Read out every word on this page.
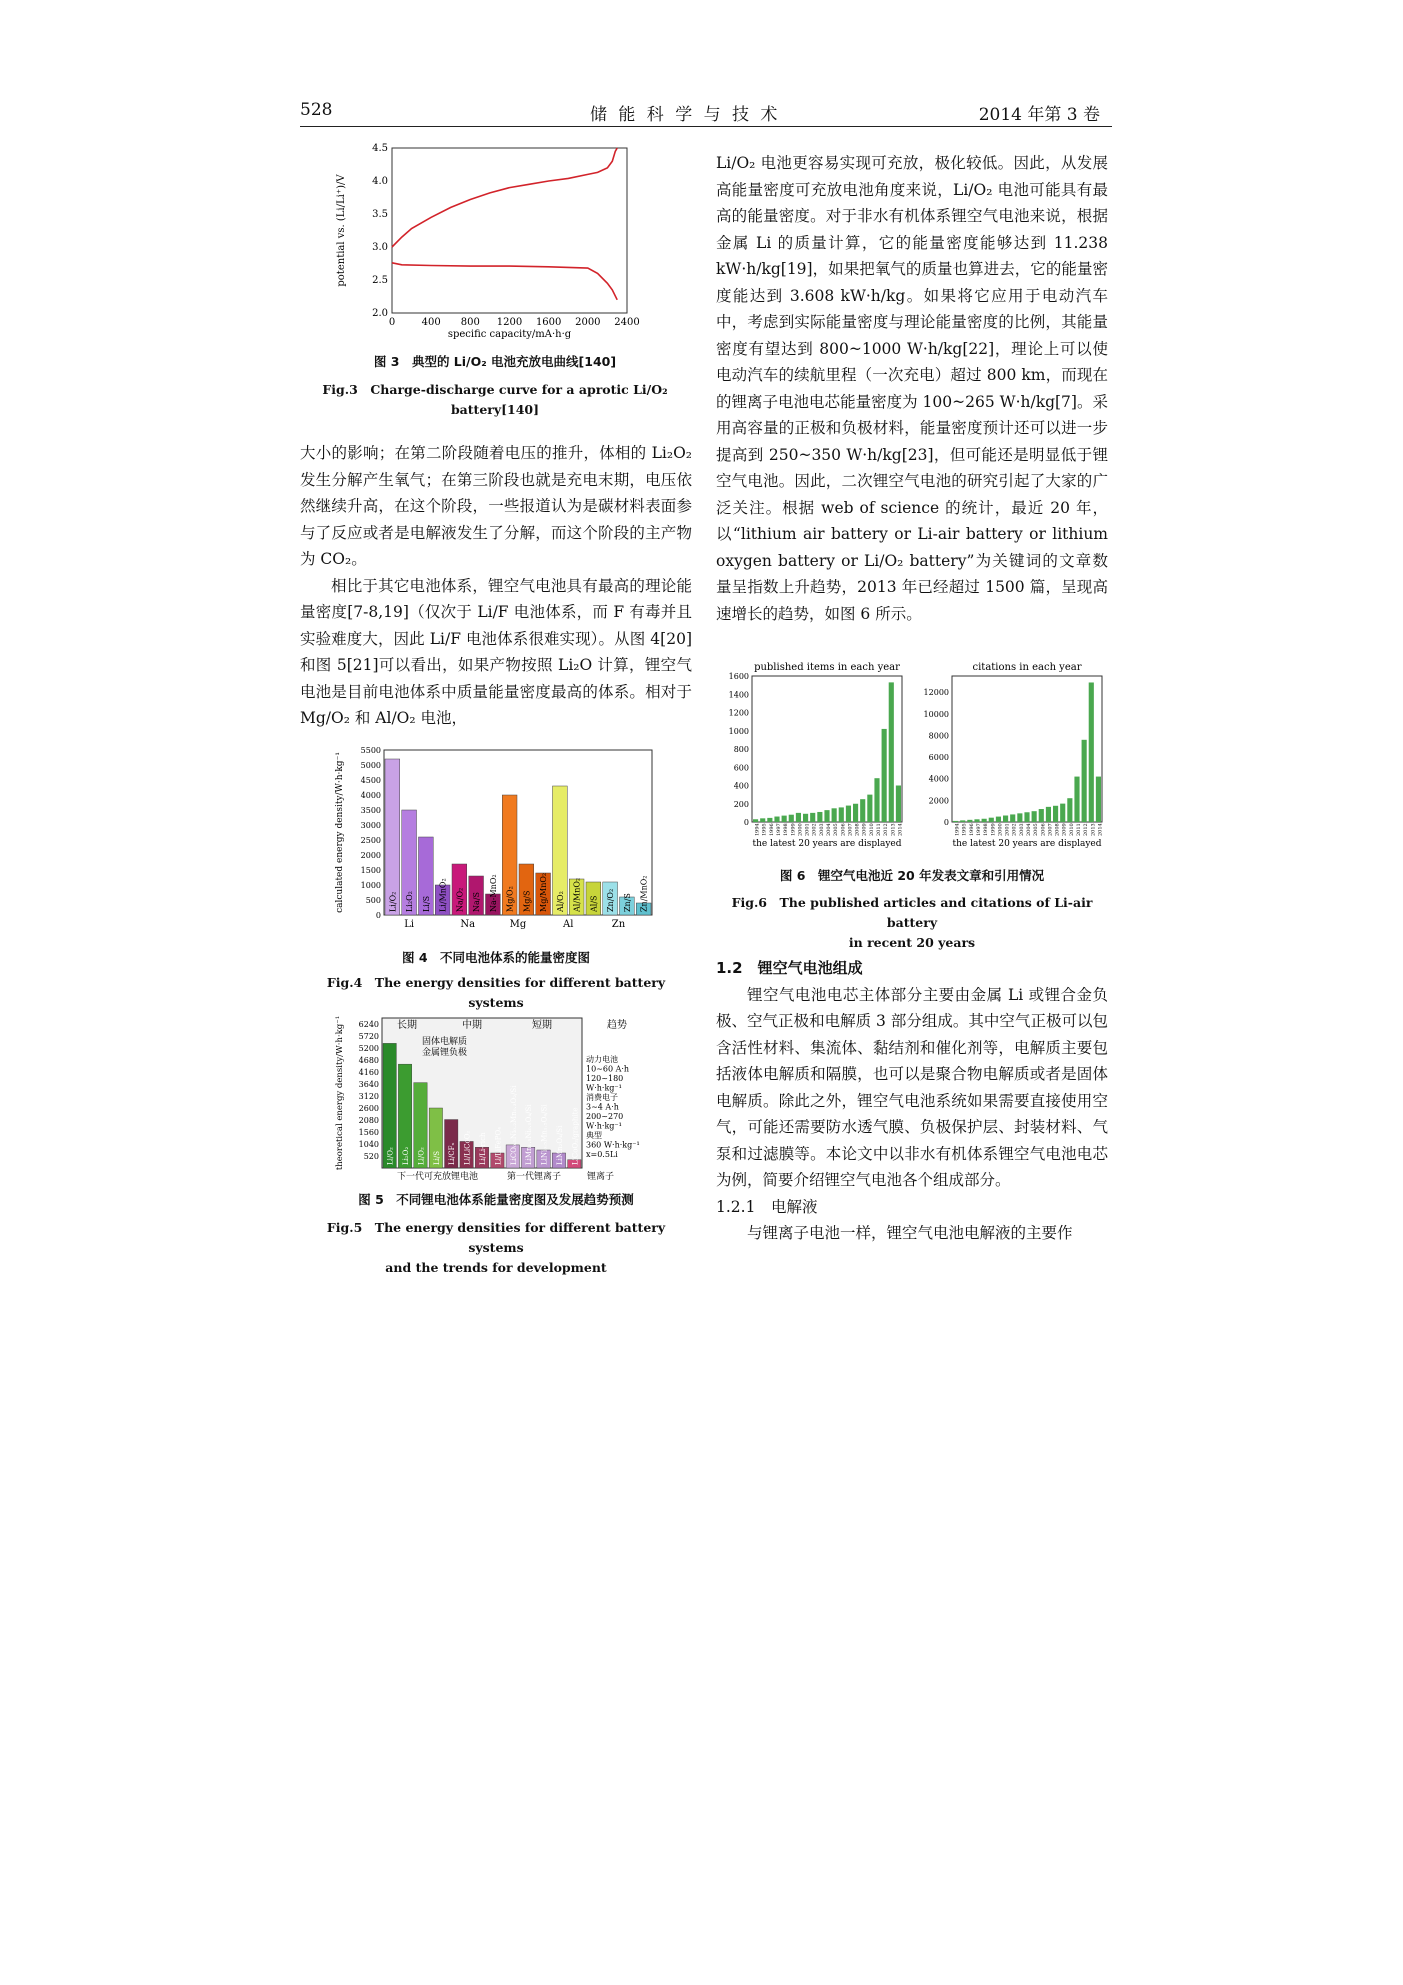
528	储 能 科 学 与 技 术	2014 年第 3 卷
0	400 800 1200 1600 2000 2400
2.0
2.5
3.0
3.5
4.0
4.5
specific capacity/mA·h·g
potential vs. (Li/Li⁺)/V
图 3　典型的 Li/O₂ 电池充放电曲线[140]
Fig.3　Charge-discharge curve for a aprotic Li/O₂
battery[140]

大小的影响；在第二阶段随着电压的推升，体相的 Li₂O₂ 发生分解产生氧气；在第三阶段也就是充电末期，电压依然继续升高，在这个阶段，一些报道认为是碳材料表面参与了反应或者是电解液发生了分解，而这个阶段的主产物为 CO₂。

相比于其它电池体系，锂空气电池具有最高的理论能量密度[7-8,19]（仅次于 Li/F 电池体系，而 F 有毒并且实验难度大，因此 Li/F 电池体系很难实现）。从图 4[20]和图 5[21]可以看出，如果产物按照 Li₂O 计算，锂空气电池是目前电池体系中质量能量密度最高的体系。相对于 Mg/O₂ 和 Al/O₂ 电池，

0
500
1000
1500
2000
2500
3000
3500
4000
4500
5000
5500
calculated energy density/W·h·kg⁻¹	Li/O₂ Li₂O₂ Li/S Li/MnO₂ Na/O₂ Na/S Na-MnO₂ Mg/O₂ Mg/S Mg/MnO₂ Al/O₂ Al/MnO₂ Al/S Zn/O₂ Zn/S Zn/MnO₂
Li	Na	Mg	Al	Zn
图 4　不同电池体系的能量密度图
Fig.4　The energy densities for different battery systems
520
1040
1560
2080
2600
3120
3640
4160
4680
5200
5720
6240
theoretical energy density/W·h·kg⁻¹	长期	中期	短期	趋势
固体电解质
金属锂负极
Li/O₂ Li₂O₂ Li/O₂ Li/S Li/CFₓ Li/LiCoO₂ Li/Li-rich Li/LiFePO₄ LiCO₀.₅Ni₀.₂Mn₀.₃O₂/Si LiMn₁.₅Ni₀.₅O₄/Si LiNi₀.₅Mn₁.₅O₄/Si LiMn₂O₄/Si LiCoO₂/graphite
动力电池
10~60 A·h
120~180
W·h·kg⁻¹
消费电子
3~4 A·h
200~270
W·h·kg⁻¹
典型
360 W·h·kg⁻¹
x=0.5Li
下一代可充放锂电池	第一代锂离子	锂离子
图 5　不同锂电池体系能量密度图及发展趋势预测
Fig.5　The energy densities for different battery systems
and the trends for development

Li/O₂ 电池更容易实现可充放，极化较低。因此，从发展高能量密度可充放电池角度来说，Li/O₂ 电池可能具有最高的能量密度。对于非水有机体系锂空气电池来说，根据金属 Li 的质量计算，它的能量密度能够达到 11.238 kW·h/kg[19]，如果把氧气的质量也算进去，它的能量密度能达到 3.608 kW·h/kg。如果将它应用于电动汽车中，考虑到实际能量密度与理论能量密度的比例，其能量密度有望达到 800~1000 W·h/kg[22]，理论上可以使电动汽车的续航里程（一次充电）超过 800 km，而现在的锂离子电池电芯能量密度为 100~265 W·h/kg[7]。采用高容量的正极和负极材料，能量密度预计还可以进一步提高到 250~350 W·h/kg[23]，但可能还是明显低于锂空气电池。因此，二次锂空气电池的研究引起了大家的广泛关注。根据 web of science 的统计，最近 20 年，以“lithium air battery or Li-air battery or lithium oxygen battery or Li/O₂ battery”为关键词的文章数量呈指数上升趋势，2013 年已经超过 1500 篇，呈现高速增长的趋势，如图 6 所示。

published items in each year
0
200
400
600
800
1000
1200
1400
1600
1994 1995 1996 1997 1998 1999 2000 2001 2002 2003 2004 2005 2006 2007 2008 2009 2010 2011 2012 2013 2014
the latest 20 years are displayed
citations in each year
0
2000
4000
6000
8000
10000
12000
1994 1995 1996 1997 1998 1999 2000 2001 2002 2003 2004 2005 2006 2007 2008 2009 2010 2011 2012 2013 2014
the latest 20 years are displayed
图 6　锂空气电池近 20 年发表文章和引用情况
Fig.6　The published articles and citations of Li-air battery
in recent 20 years

1.2　锂空气电池组成

锂空气电池电芯主体部分主要由金属 Li 或锂合金负极、空气正极和电解质 3 部分组成。其中空气正极可以包含活性材料、集流体、黏结剂和催化剂等，电解质主要包括液体电解质和隔膜，也可以是聚合物电解质或者是固体电解质。除此之外，锂空气电池系统如果需要直接使用空气，可能还需要防水透气膜、负极保护层、封装材料、气泵和过滤膜等。本论文中以非水有机体系锂空气电池电芯为例，简要介绍锂空气电池各个组成部分。

1.2.1　电解液

与锂离子电池一样，锂空气电池电解液的主要作
